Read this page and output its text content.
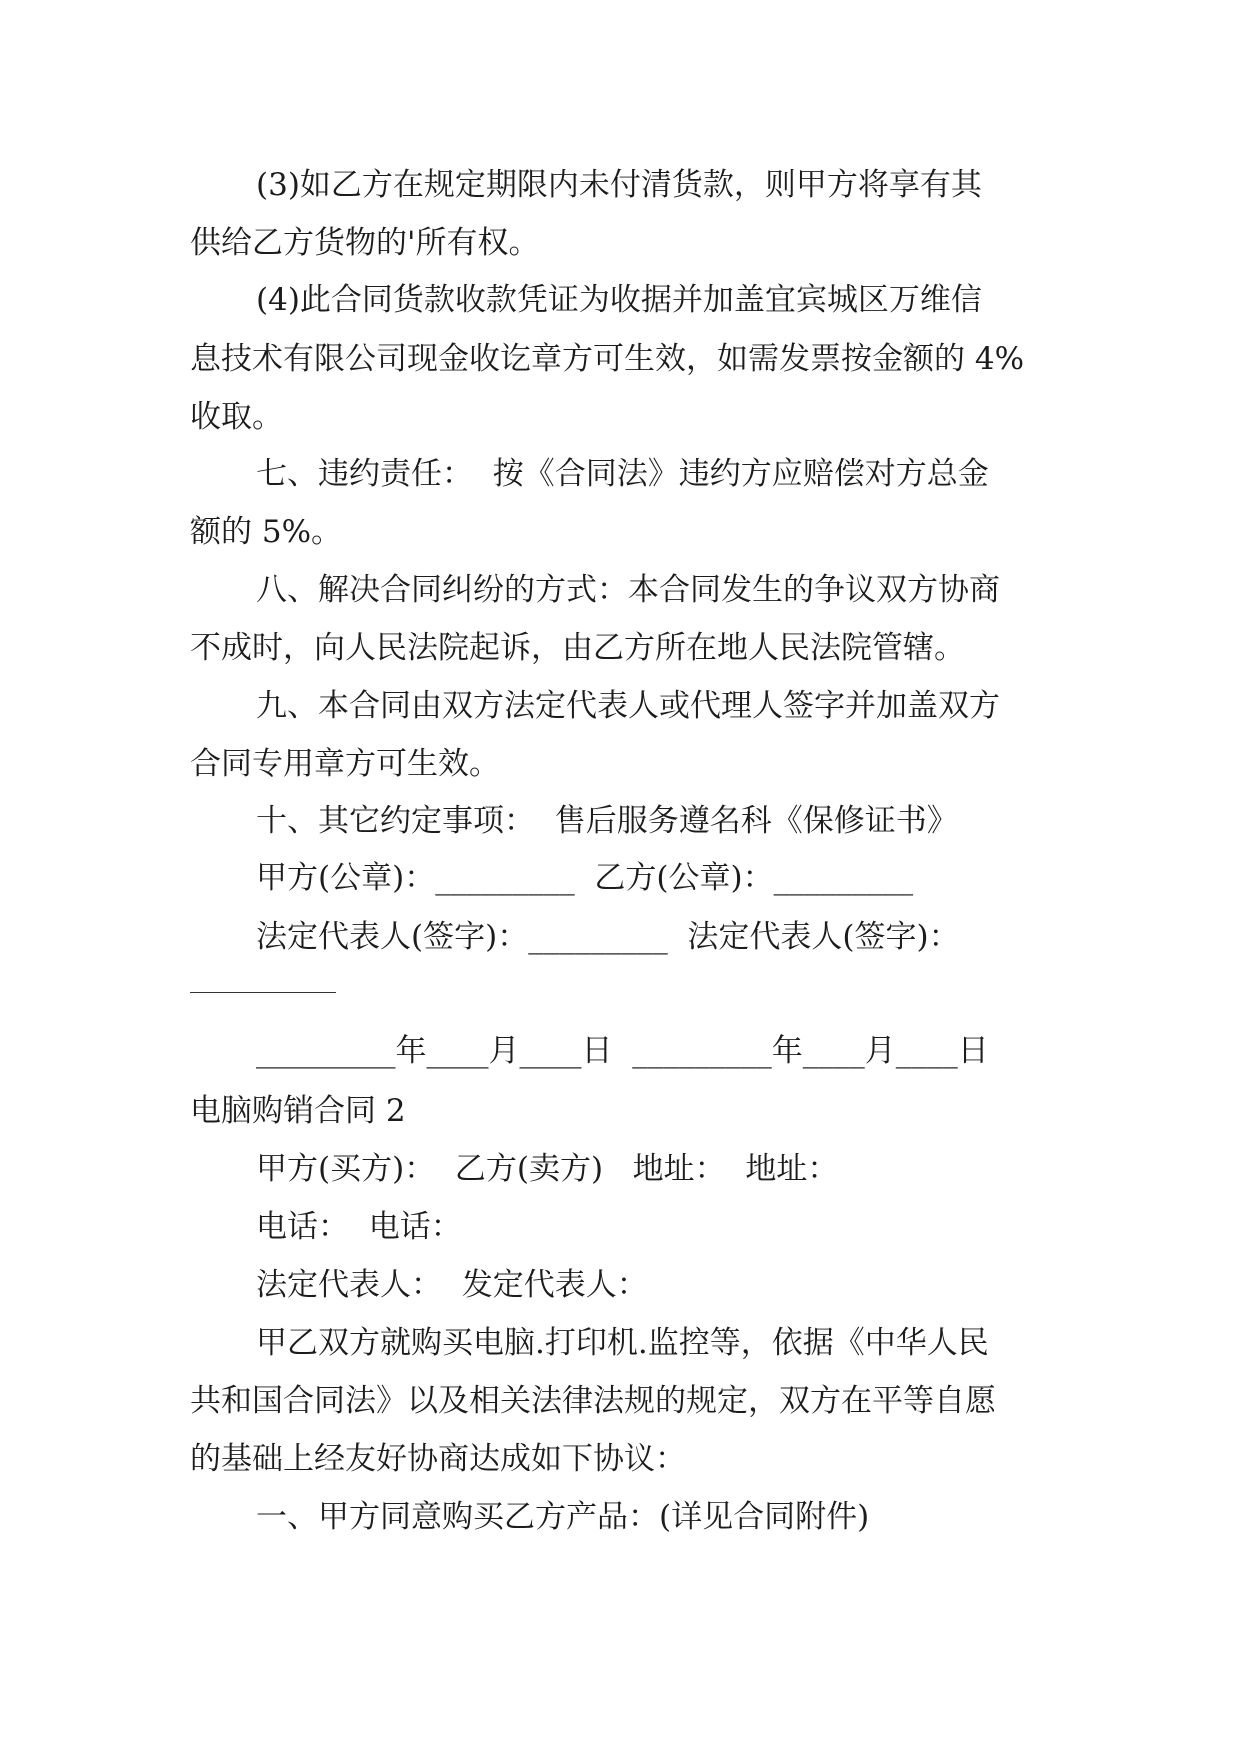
(3)如乙方在规定期限内未付清货款，则甲方将享有其
供给乙方货物的'所有权。
(4)此合同货款收款凭证为收据并加盖宜宾城区万维信
息技术有限公司现金收讫章方可生效，如需发票按金额的 4%
收取。
七、违约责任：  按《合同法》违约方应赔偿对方总金
额的 5%。
八、解决合同纠纷的方式：本合同发生的争议双方协商
不成时，向人民法院起诉，由乙方所在地人民法院管辖。
九、本合同由双方法定代表人或代理人签字并加盖双方
合同专用章方可生效。
十、其它约定事项：  售后服务遵名科《保修证书》
甲方(公章)：_________  乙方(公章)：_________
法定代表人(签字)：_________  法定代表人(签字)：
_________年____月____日  _________年____月____日
电脑购销合同 2
甲方(买方)：  乙方(卖方)   地址：  地址：
电话：  电话：
法定代表人：  发定代表人：
甲乙双方就购买电脑.打印机.监控等，依据《中华人民
共和国合同法》以及相关法律法规的规定，双方在平等自愿
的基础上经友好协商达成如下协议：
一、甲方同意购买乙方产品：(详见合同附件)
